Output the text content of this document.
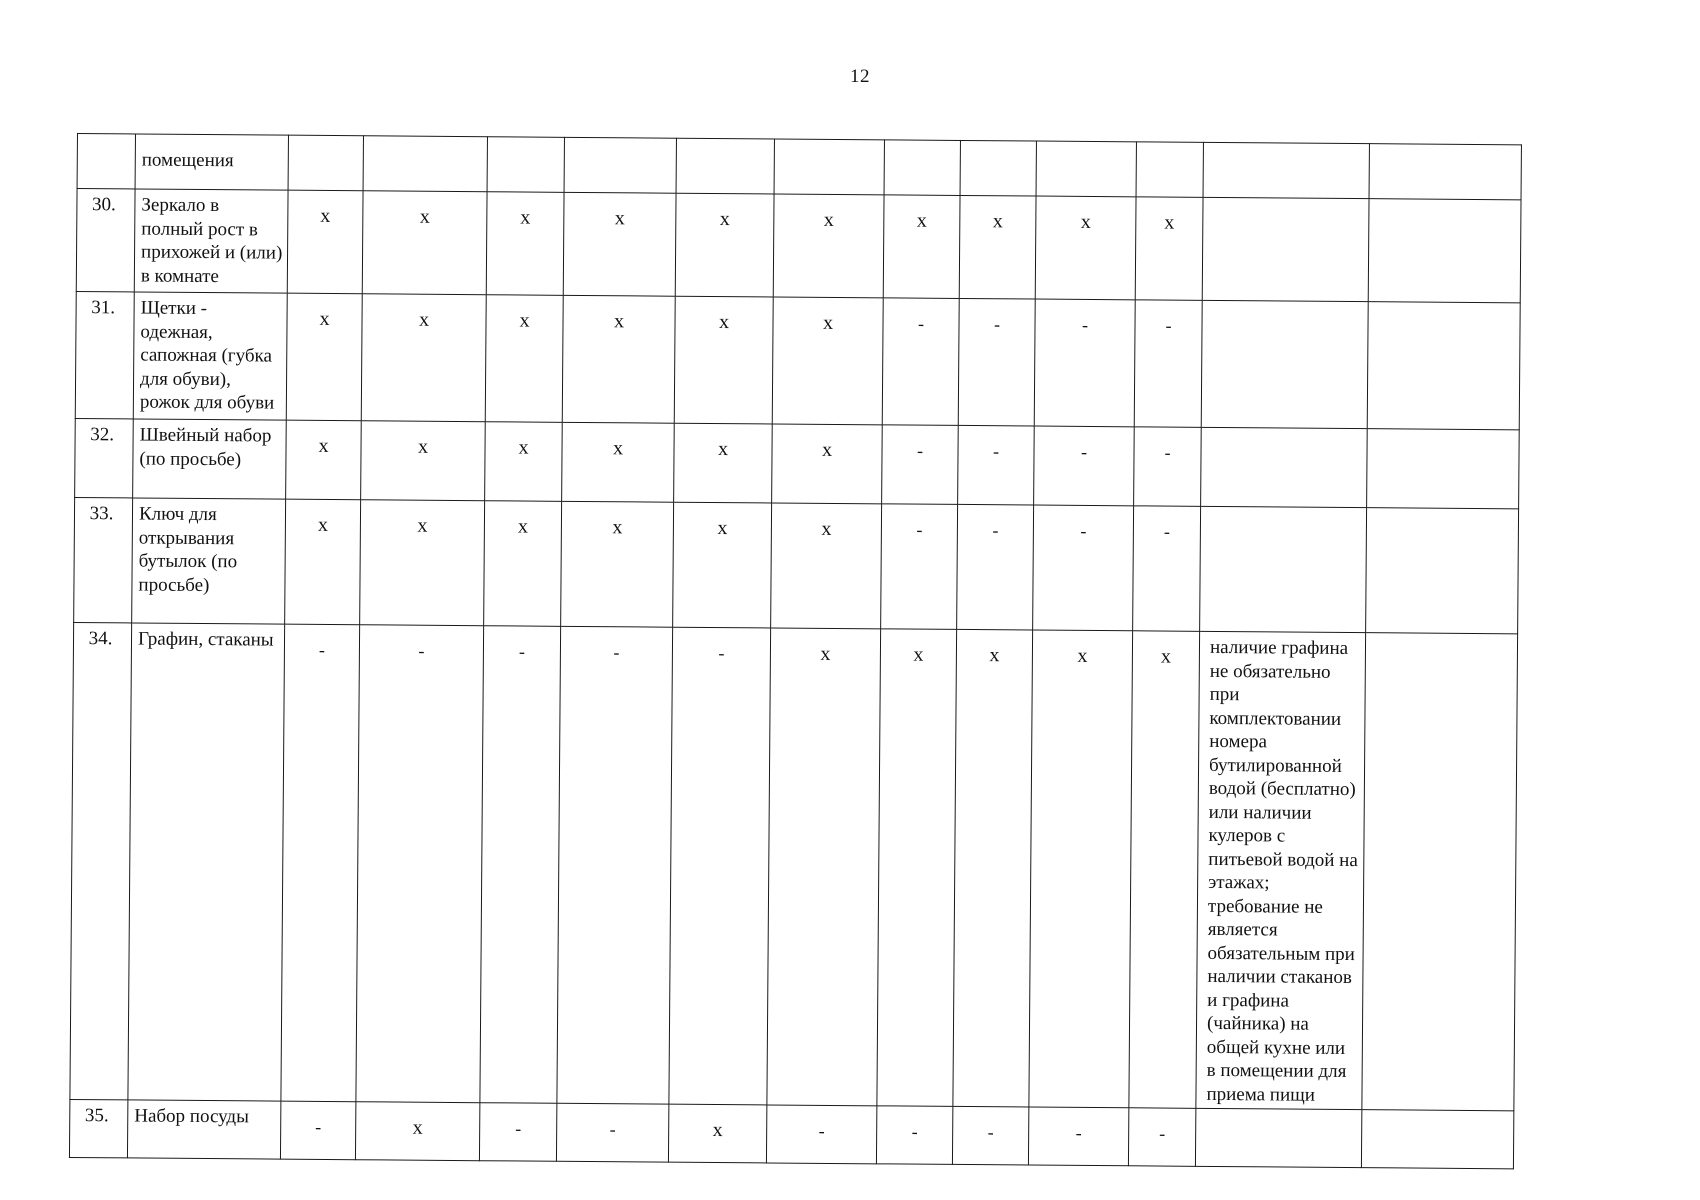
12
	помещения												
30.	Зеркало в полный рост в прихожей и (или) в комнате	x	x	x	x	x	x	x	x	x	x		
31.	Щетки - одежная, сапожная (губка для обуви), рожок для обуви	x	x	x	x	x	x	-	-	-	-		
32.	Швейный набор (по просьбе)	x	x	x	x	x	x	-	-	-	-		
33.	Ключ для открывания бутылок (по просьбе)	x	x	x	x	x	x	-	-	-	-		
34.	Графин, стаканы	-	-	-	-	-	x	x	x	x	x	наличие графина не обязательно при комплектовании номера бутилированной водой (бесплатно) или наличии кулеров с питьевой водой на этажах; требование не является обязательным при наличии стаканов и графина (чайника) на общей кухне или в помещении для приема пищи	
35.	Набор посуды	-	x	-	-	x	-	-	-	-	-		
